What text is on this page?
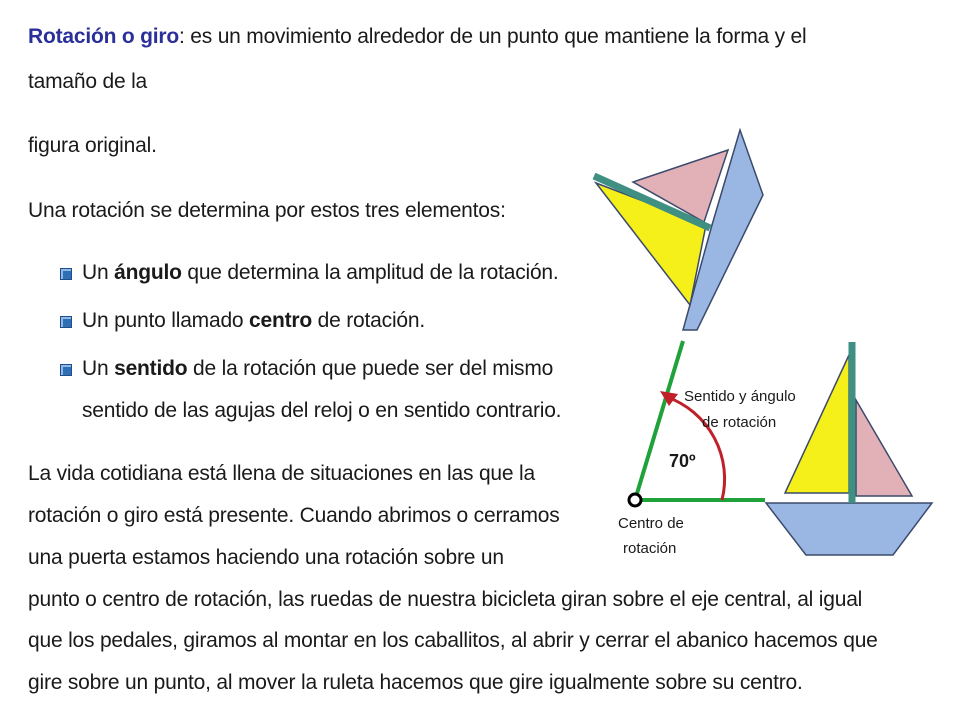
Rotación o giro: es un movimiento alrededor de un punto que mantiene la forma y el
tamaño de la
figura original.
Una rotación se determina por estos tres elementos:
Un ángulo que determina la amplitud de la rotación.
Un punto llamado centro de rotación.
Un sentido de la rotación que puede ser del mismo
sentido de las agujas del reloj o en sentido contrario.
La vida cotidiana está llena de situaciones en las que la
rotación o giro está presente. Cuando abrimos o cerramos
una puerta estamos haciendo una rotación sobre un
punto o centro de rotación, las ruedas de nuestra bicicleta giran sobre el eje central, al igual
que los pedales, giramos al montar en los caballitos, al abrir y cerrar el abanico hacemos que
gire sobre un punto, al mover la ruleta hacemos que gire igualmente sobre su centro.
70º
Sentido y ángulo
de rotación
Centro de
rotación
